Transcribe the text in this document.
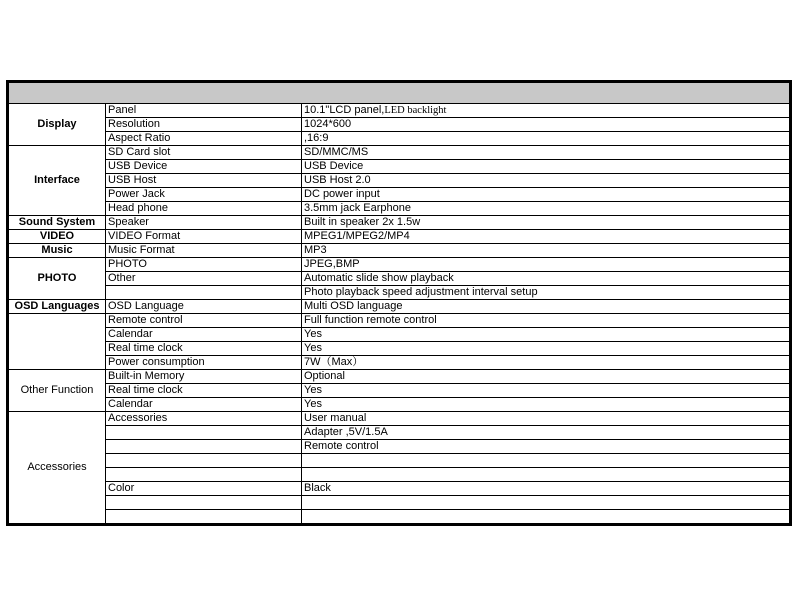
Display	Panel	10.1"LCD panel,LED backlight
	Resolution	1024*600
	Aspect Ratio	,16:9
Interface	SD Card slot	SD/MMC/MS
	USB Device	USB Device
	USB Host	USB Host 2.0
	Power Jack	DC power input
	Head phone	3.5mm jack Earphone
Sound System	Speaker	Built in speaker 2x 1.5w
VIDEO	VIDEO Format	MPEG1/MPEG2/MP4
Music	Music Format	MP3
PHOTO	PHOTO	JPEG,BMP
	Other	Automatic slide show playback
		Photo playback speed adjustment interval setup
OSD Languages	OSD Language	Multi OSD language
	Remote control	Full function remote control
	Calendar	Yes
	Real time clock	Yes
	Power consumption	7W（Max）
Other Function	Built-in Memory	Optional
	Real time clock	Yes
	Calendar	Yes
Accessories	Accessories	User manual
		Adapter ,5V/1.5A
		Remote control

	Color	Black
